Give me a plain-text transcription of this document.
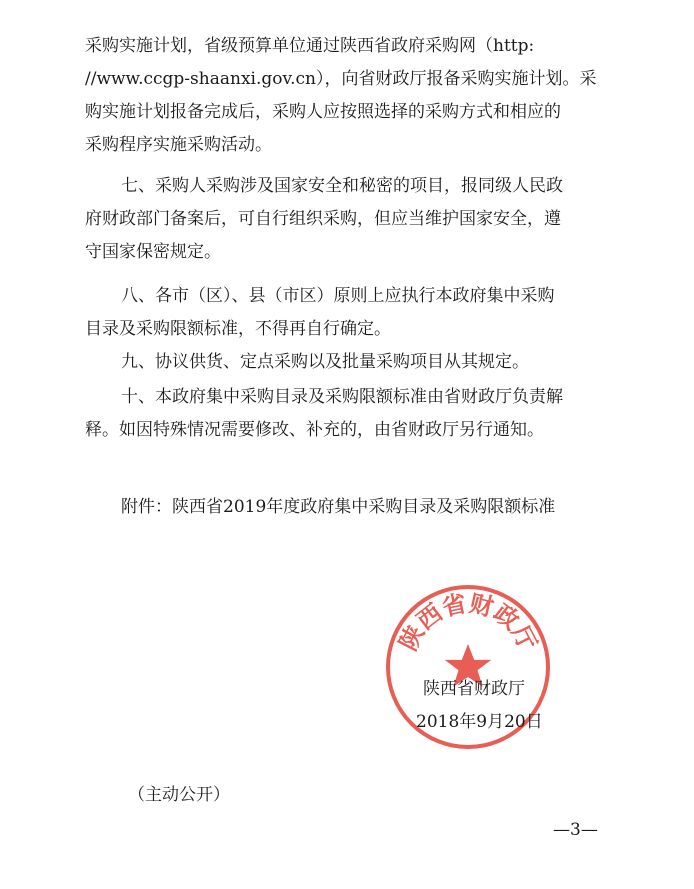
采购实施计划，省级预算单位通过陕西省政府采购网（http:
//www.ccgp-shaanxi.gov.cn），向省财政厅报备采购实施计划。采
购实施计划报备完成后，采购人应按照选择的采购方式和相应的
采购程序实施采购活动。
七、采购人采购涉及国家安全和秘密的项目，报同级人民政
府财政部门备案后，可自行组织采购，但应当维护国家安全，遵
守国家保密规定。
八、各市（区）、县（市区）原则上应执行本政府集中采购
目录及采购限额标准，不得再自行确定。
九、协议供货、定点采购以及批量采购项目从其规定。
十、本政府集中采购目录及采购限额标准由省财政厅负责解
释。如因特殊情况需要修改、补充的，由省财政厅另行通知。
附件：陕西省2019年度政府集中采购目录及采购限额标准
陕西省财政厅
陕西省财政厅
2018年9月20日
（主动公开）
—3—
